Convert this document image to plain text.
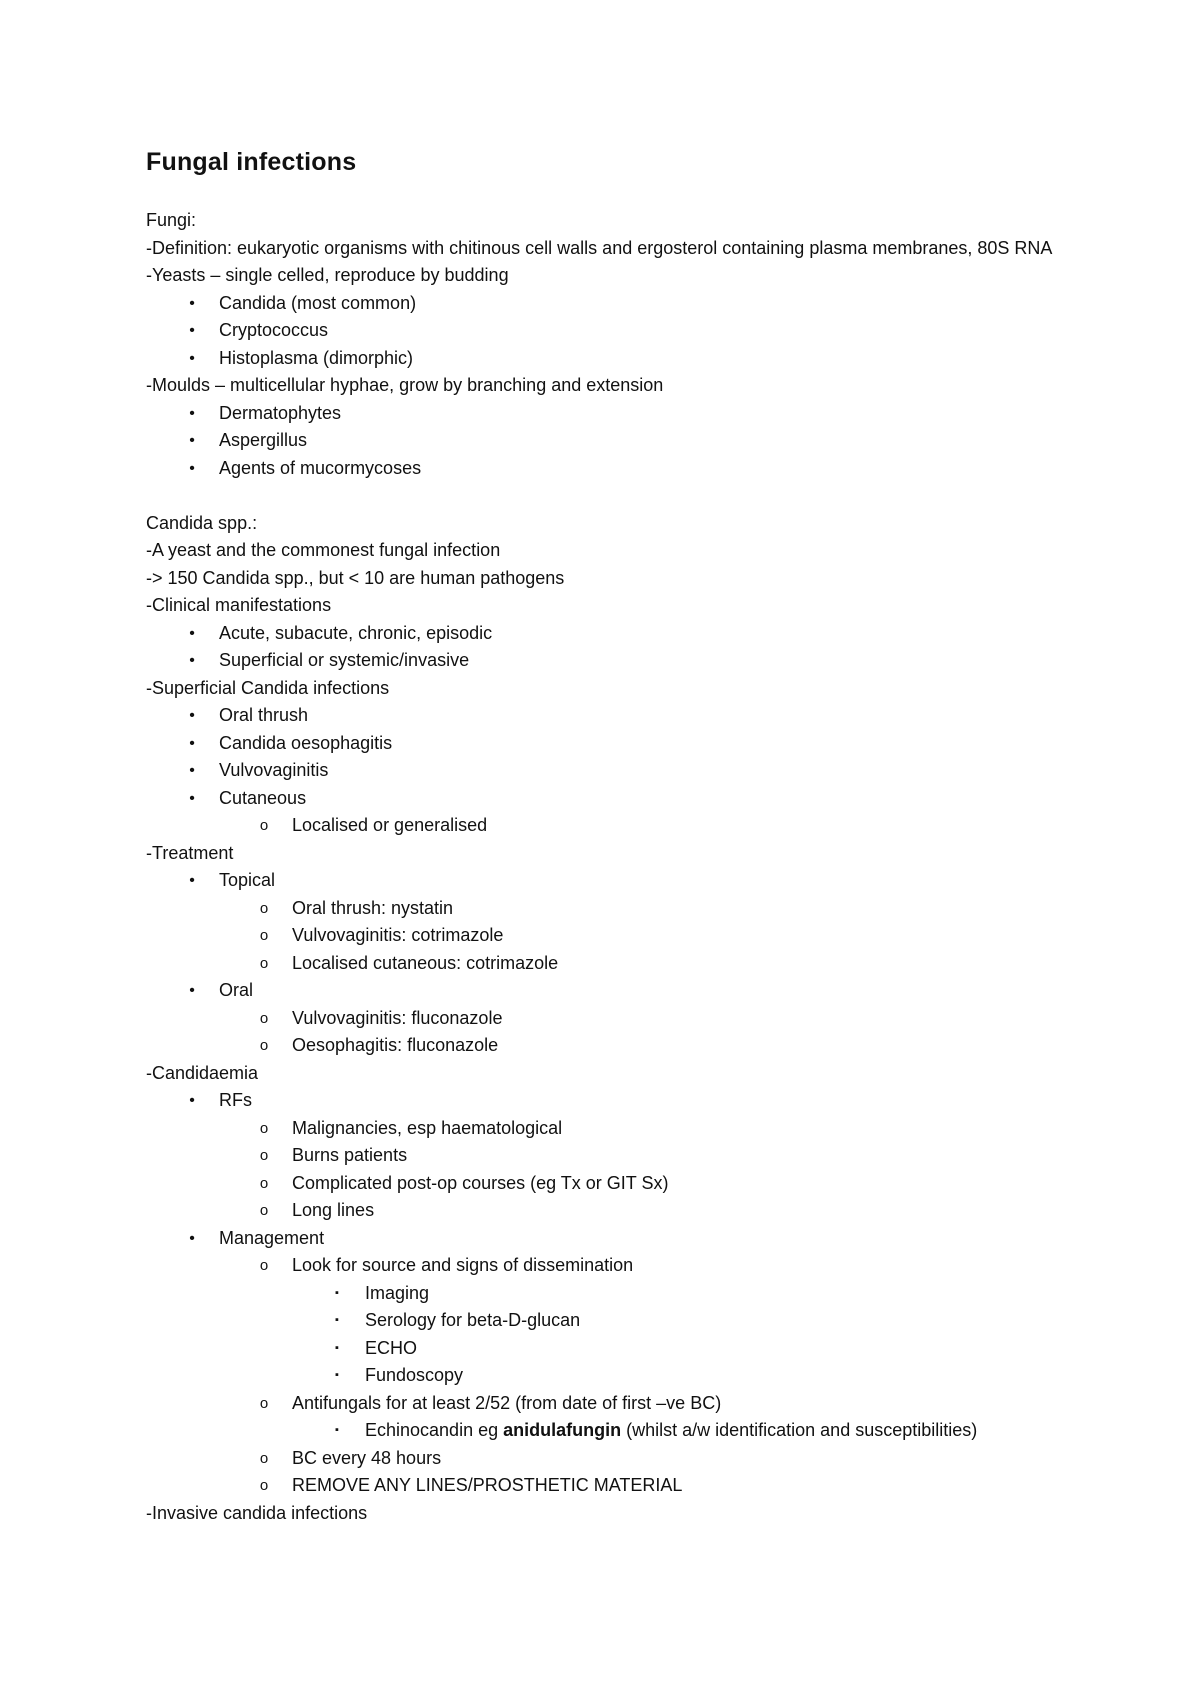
Fungal infections
Fungi:
-Definition: eukaryotic organisms with chitinous cell walls and ergosterol containing plasma membranes, 80S RNA
-Yeasts – single celled, reproduce by budding
• Candida (most common)
• Cryptococcus
• Histoplasma (dimorphic)
-Moulds – multicellular hyphae, grow by branching and extension
• Dermatophytes
• Aspergillus
• Agents of mucormycoses
Candida spp.:
-A yeast and the commonest fungal infection
-> 150 Candida spp., but < 10 are human pathogens
-Clinical manifestations
• Acute, subacute, chronic, episodic
• Superficial or systemic/invasive
-Superficial Candida infections
• Oral thrush
• Candida oesophagitis
• Vulvovaginitis
• Cutaneous
o Localised or generalised
-Treatment
• Topical
o Oral thrush: nystatin
o Vulvovaginitis: cotrimazole
o Localised cutaneous: cotrimazole
• Oral
o Vulvovaginitis: fluconazole
o Oesophagitis: fluconazole
-Candidaemia
• RFs
o Malignancies, esp haematological
o Burns patients
o Complicated post-op courses (eg Tx or GIT Sx)
o Long lines
• Management
o Look for source and signs of dissemination
▪	Imaging
▪	Serology for beta-D-glucan
▪	ECHO
▪	Fundoscopy
o Antifungals for at least 2/52 (from date of first –ve BC)
▪	Echinocandin eg anidulafungin (whilst a/w identification and susceptibilities)
o BC every 48 hours
o REMOVE ANY LINES/PROSTHETIC MATERIAL
-Invasive candida infections
